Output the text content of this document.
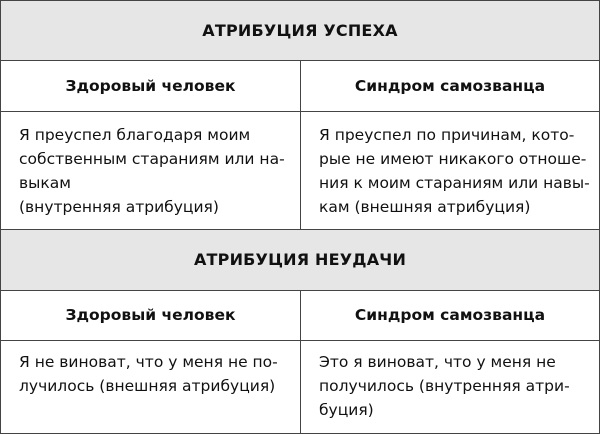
АТРИБУЦИЯ УСПЕХА
Здоровый человек	Синдром самозванца
Я преуспел благодаря моим
собственным стараниям или на-
выкам
(внутренняя атрибуция)
Я преуспел по причинам, кото-
рые не имеют никакого отноше-
ния к моим стараниям или навы-
кам (внешняя атрибуция)
АТРИБУЦИЯ НЕУДАЧИ
Здоровый человек	Синдром самозванца
Я не виноват, что у меня не по-
лучилось (внешняя атрибуция)
Это я виноват, что у меня не
получилось (внутренняя атри-
буция)
